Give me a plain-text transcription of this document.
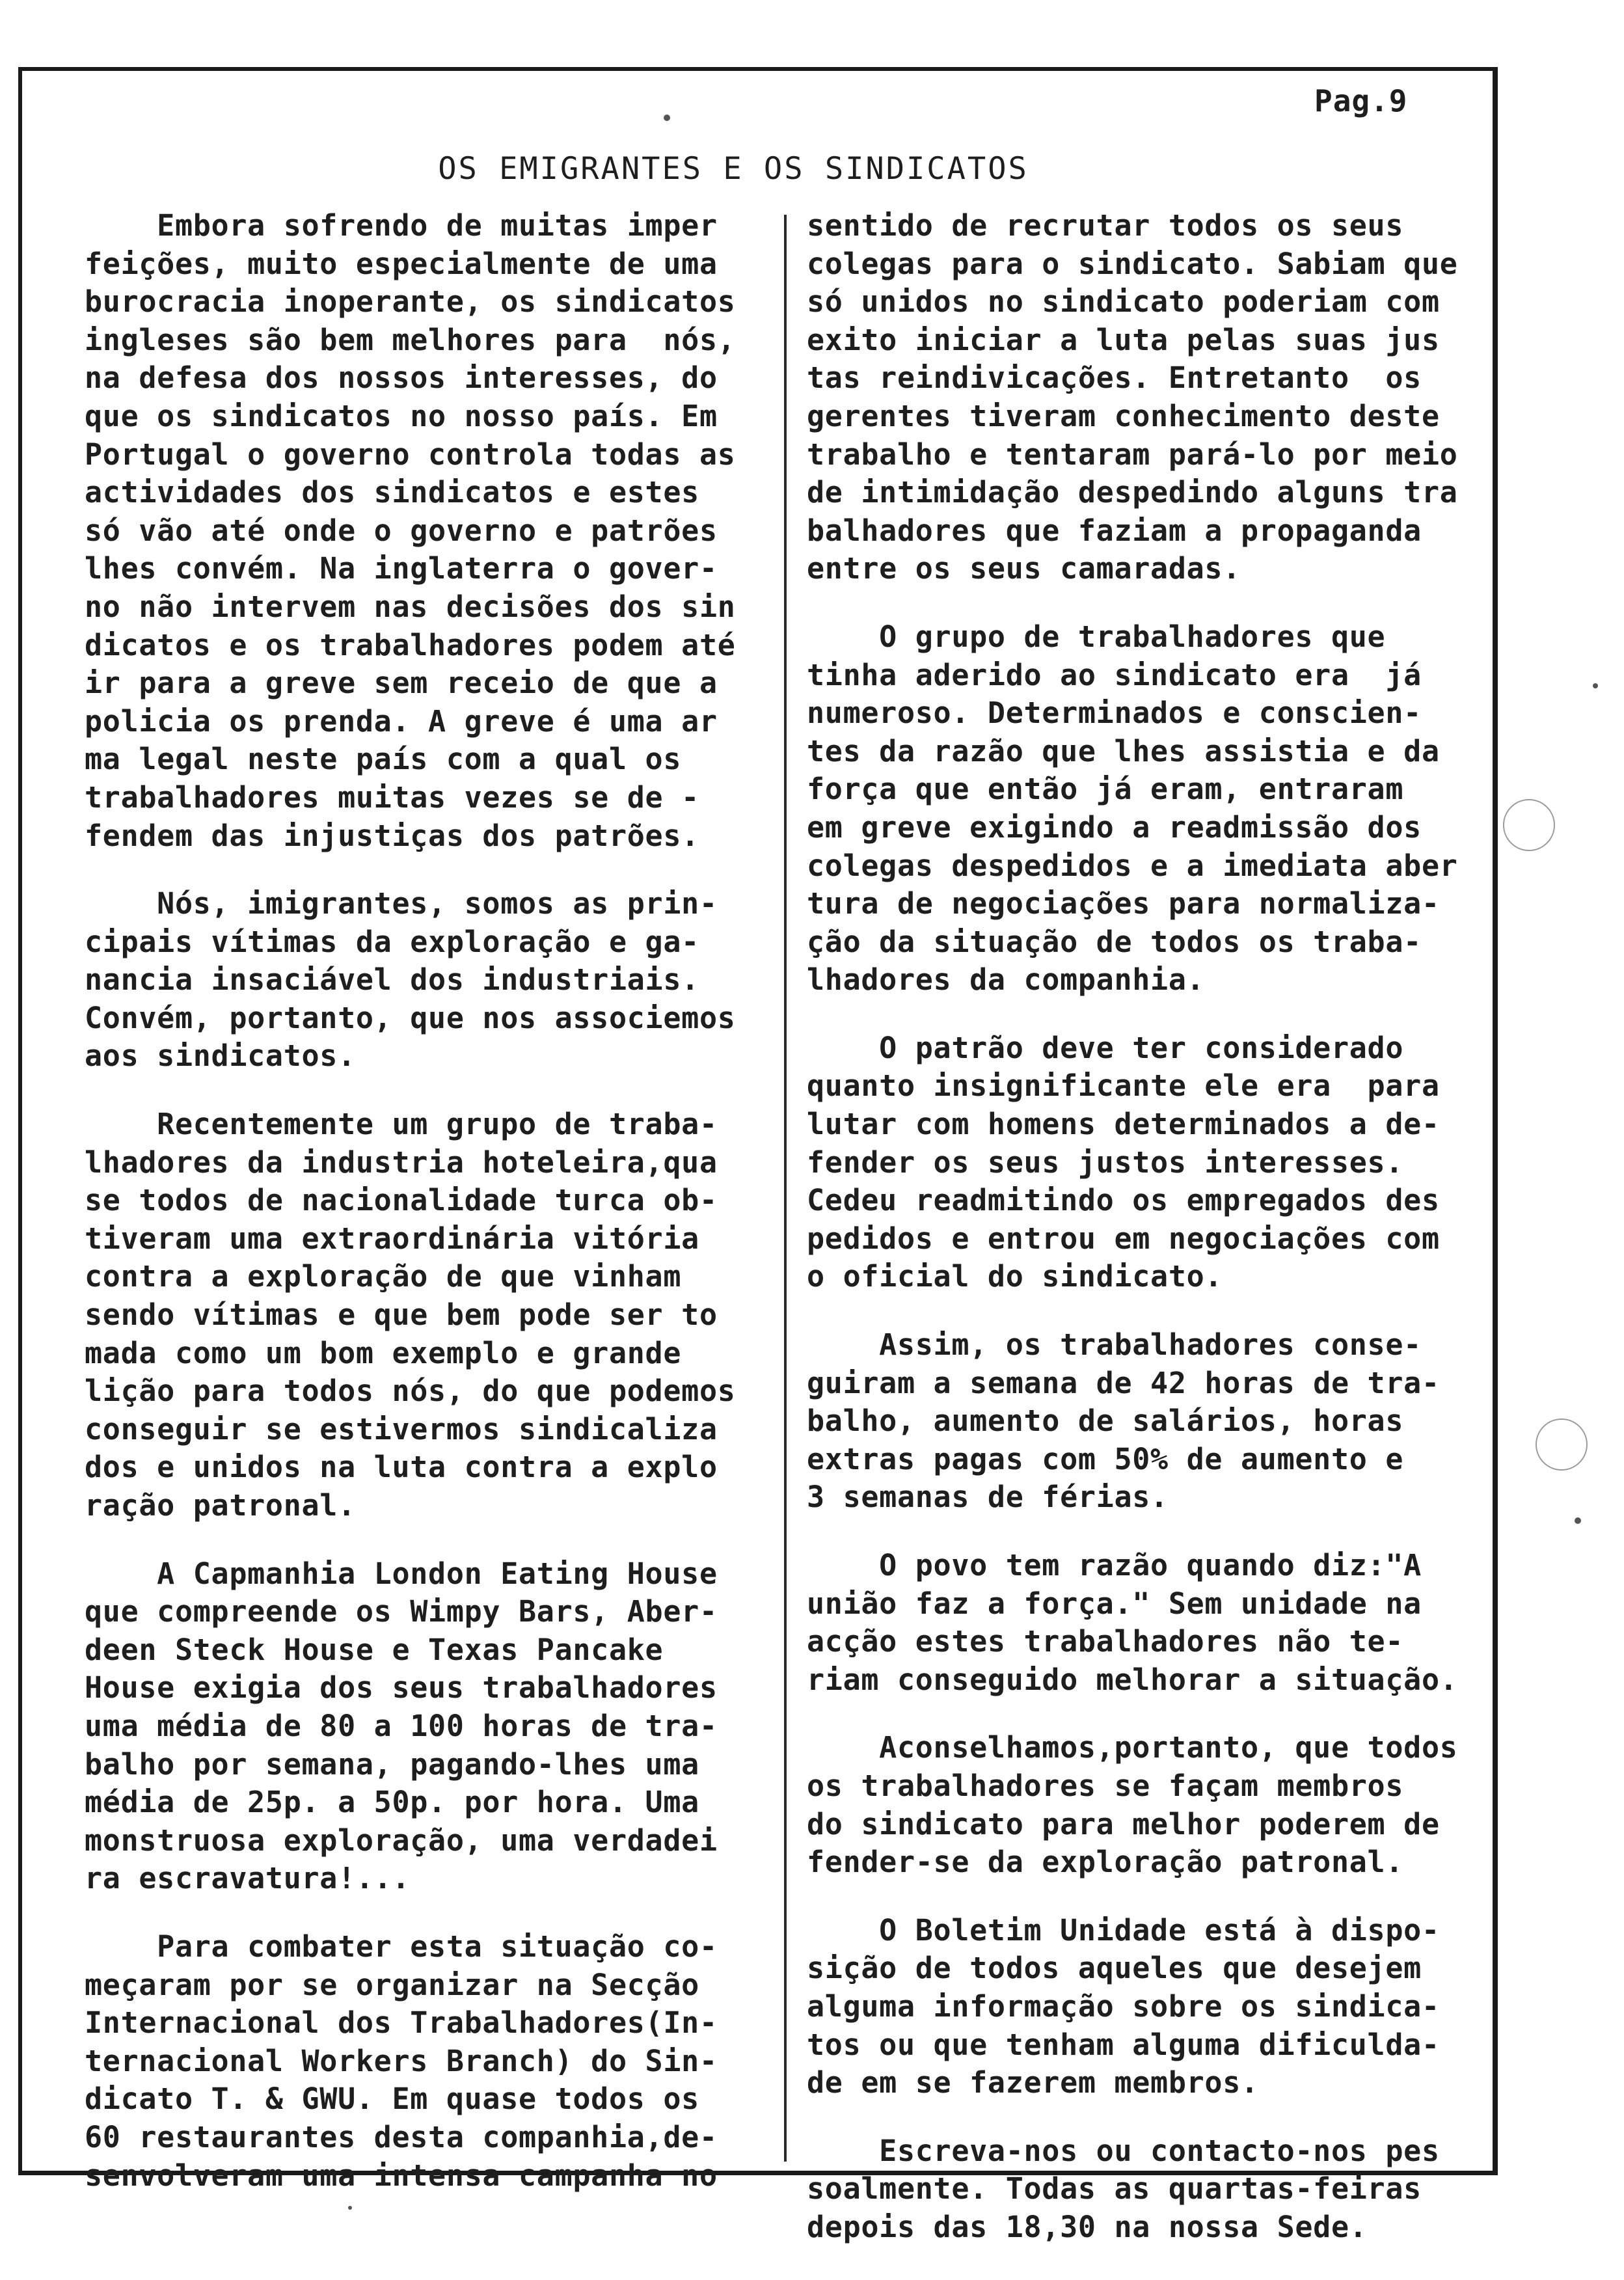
Pag.9
OS EMIGRANTES E OS SINDICATOS
Embora sofrendo de muitas imper
feições, muito especialmente de uma
burocracia inoperante, os sindicatos
ingleses são bem melhores para  nós,
na defesa dos nossos interesses, do
que os sindicatos no nosso país. Em
Portugal o governo controla todas as
actividades dos sindicatos e estes
só vão até onde o governo e patrões
lhes convém. Na inglaterra o gover-
no não intervem nas decisões dos sin
dicatos e os trabalhadores podem até
ir para a greve sem receio de que a
policia os prenda. A greve é uma ar
ma legal neste país com a qual os
trabalhadores muitas vezes se de -
fendem das injustiças dos patrões.
Nós, imigrantes, somos as prin-
cipais vítimas da exploração e ga-
nancia insaciável dos industriais.
Convém, portanto, que nos associemos
aos sindicatos.
Recentemente um grupo de traba-
lhadores da industria hoteleira,qua
se todos de nacionalidade turca ob-
tiveram uma extraordinária vitória
contra a exploração de que vinham
sendo vítimas e que bem pode ser to
mada como um bom exemplo e grande
lição para todos nós, do que podemos
conseguir se estivermos sindicaliza
dos e unidos na luta contra a explo
ração patronal.
A Capmanhia London Eating House
que compreende os Wimpy Bars, Aber-
deen Steck House e Texas Pancake
House exigia dos seus trabalhadores
uma média de 80 a 100 horas de tra-
balho por semana, pagando-lhes uma
média de 25p. a 50p. por hora. Uma
monstruosa exploração, uma verdadei
ra escravatura!...
Para combater esta situação co-
meçaram por se organizar na Secção
Internacional dos Trabalhadores(In-
ternacional Workers Branch) do Sin-
dicato T. & GWU. Em quase todos os
60 restaurantes desta companhia,de-
senvolveram uma intensa campanha no
sentido de recrutar todos os seus
colegas para o sindicato. Sabiam que
só unidos no sindicato poderiam com
exito iniciar a luta pelas suas jus
tas reindivicações. Entretanto  os
gerentes tiveram conhecimento deste
trabalho e tentaram pará-lo por meio
de intimidação despedindo alguns tra
balhadores que faziam a propaganda
entre os seus camaradas.
O grupo de trabalhadores que
tinha aderido ao sindicato era  já
numeroso. Determinados e conscien-
tes da razão que lhes assistia e da
força que então já eram, entraram
em greve exigindo a readmissão dos
colegas despedidos e a imediata aber
tura de negociações para normaliza-
ção da situação de todos os traba-
lhadores da companhia.
O patrão deve ter considerado
quanto insignificante ele era  para
lutar com homens determinados a de-
fender os seus justos interesses.
Cedeu readmitindo os empregados des
pedidos e entrou em negociações com
o oficial do sindicato.
Assim, os trabalhadores conse-
guiram a semana de 42 horas de tra-
balho, aumento de salários, horas
extras pagas com 50% de aumento e
3 semanas de férias.
O povo tem razão quando diz:"A
união faz a força." Sem unidade na
acção estes trabalhadores não te-
riam conseguido melhorar a situação.
Aconselhamos,portanto, que todos
os trabalhadores se façam membros
do sindicato para melhor poderem de
fender-se da exploração patronal.
O Boletim Unidade está à dispo-
sição de todos aqueles que desejem
alguma informação sobre os sindica-
tos ou que tenham alguma dificulda-
de em se fazerem membros.
Escreva-nos ou contacto-nos pes
soalmente. Todas as quartas-feiras
depois das 18,30 na nossa Sede.
